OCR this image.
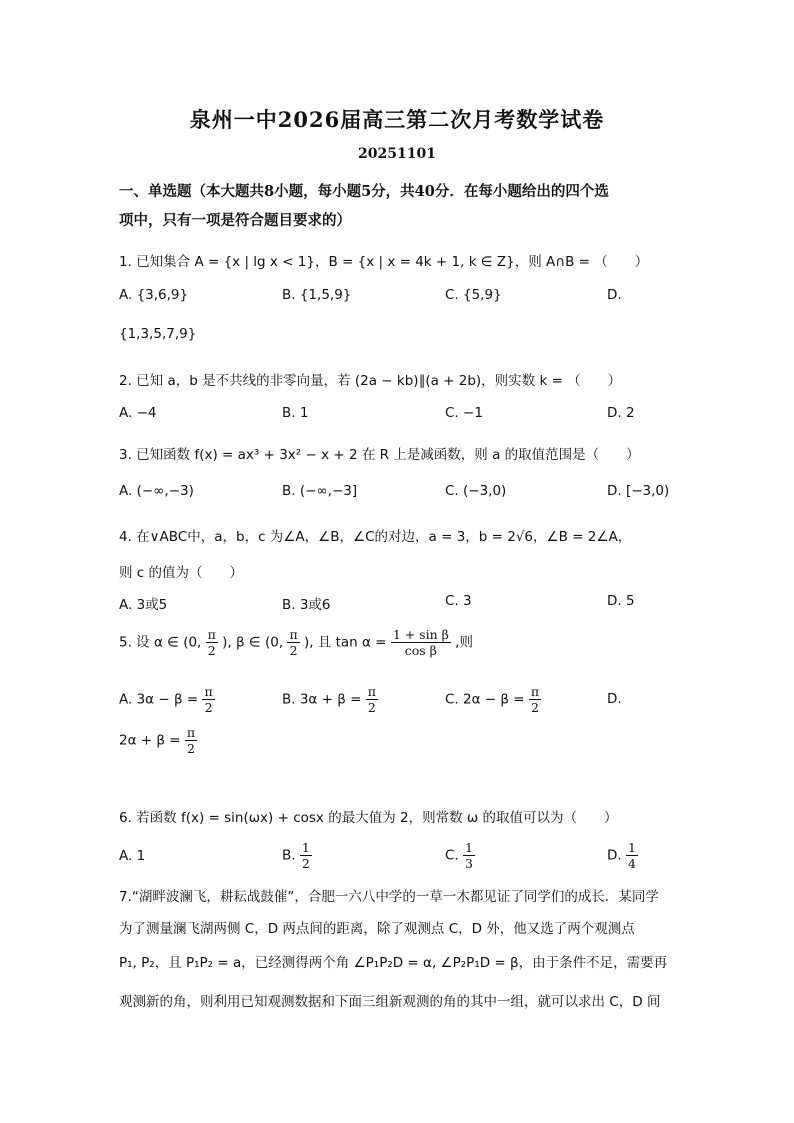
泉州一中2026届高三第二次月考数学试卷
20251101
一、单选题（本大题共8小题，每小题5分，共40分．在每小题给出的四个选
项中，只有一项是符合题目要求的）
1. 已知集合 A = {x | lg x < 1}，B = {x | x = 4k + 1, k ∈ Z}，则 A∩B = （　　）
A. {3,6,9}	B. {1,5,9}	C. {5,9}	D.
{1,3,5,7,9}
2. 已知 a，b 是不共线的非零向量，若 (2a − kb)∥(a + 2b)，则实数 k = （　　）
A. −4	B. 1	C. −1	D. 2
3. 已知函数 f(x) = ax³ + 3x² − x + 2 在 R 上是减函数，则 a 的取值范围是（　　）
A. (−∞,−3)	B. (−∞,−3]	C. (−3,0)	D. [−3,0)
4. 在∨ABC中，a，b，c 为∠A，∠B，∠C的对边，a = 3，b = 2√6，∠B = 2∠A，
则 c 的值为（　　）
A. 3或5	B. 3或6	C. 3	D. 5
5. 设 α ∈ (0, $\frac{\pi}{2}$ ), β ∈ (0, $\frac{\pi}{2}$ ), 且 $\tan \alpha = \frac{\text{1 + sin β}}{\text{cos β}}$ ,则
A. $3\alpha - \beta = \frac{\pi}{2}$	B. $3\alpha + \beta = \frac{\pi}{2}$	C. $2\alpha - \beta = \frac{\pi}{2}$	D.
$2\alpha + \beta = \frac{\pi}{2}$
6. 若函数 f(x) = sin(ωx) + cosx 的最大值为 2，则常数 ω 的取值可以为（　　）
A. 1	B. $\frac{1}{2}$	C. $\frac{1}{3}$	D. $\frac{1}{4}$
7.“湖畔波澜飞，耕耘战鼓催”，合肥一六八中学的一草一木都见证了同学们的成长．某同学
为了测量澜飞湖两侧 C，D 两点间的距离，除了观测点 C，D 外，他又选了两个观测点
P₁, P₂，且 P₁P₂ = a，已经测得两个角 ∠P₁P₂D = α, ∠P₂P₁D = β，由于条件不足，需要再
观测新的角，则利用已知观测数据和下面三组新观测的角的其中一组，就可以求出 C，D 间
